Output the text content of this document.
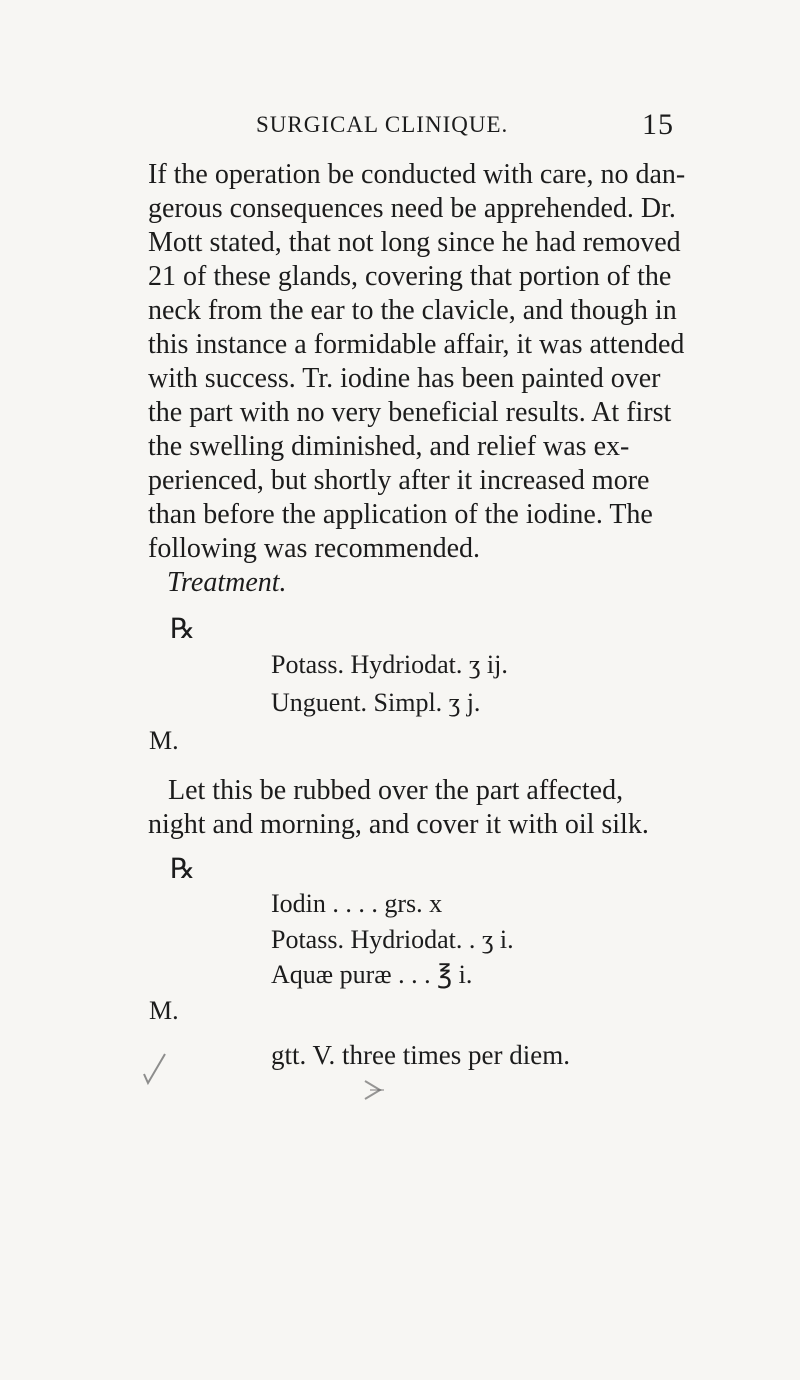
SURGICAL CLINIQUE.	15
If the operation be conducted with care, no dan-
gerous consequences need be apprehended. Dr.
Mott stated, that not long since he had removed
21 of these glands, covering that portion of the
neck from the ear to the clavicle, and though in
this instance a formidable affair, it was attended
with success. Tr. iodine has been painted over
the part with no very beneficial results. At first
the swelling diminished, and relief was ex-
perienced, but shortly after it increased more
than before the application of the iodine. The
following was recommended.
Treatment.
℞
Potass. Hydriodat. ʒ ij.
Unguent. Simpl. ʒ j.
M.
Let this be rubbed over the part affected,
night and morning, and cover it with oil silk.
℞
Iodin . . . . grs. x
Potass. Hydriodat. . ʒ i.
Aquæ puræ . . . ℥ i.
M.
gtt. V. three times per diem.
